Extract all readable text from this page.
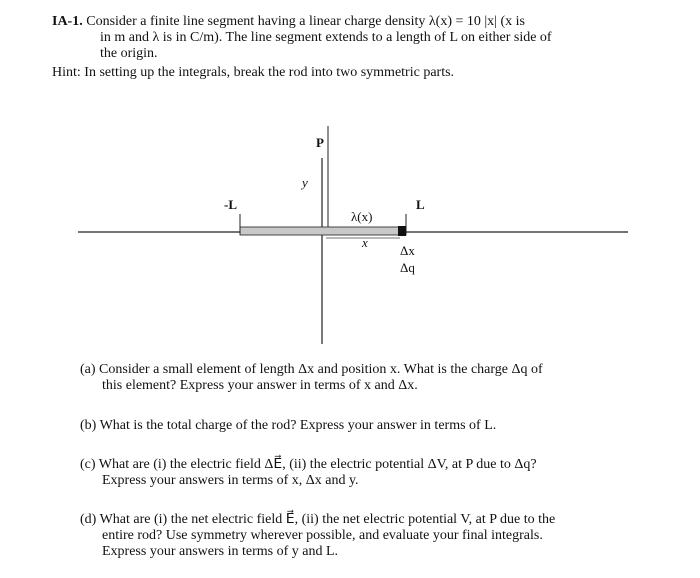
IA-1. Consider a finite line segment having a linear charge density λ(x) = 10 |x| (x is
in m and λ is in C/m). The line segment extends to a length of L on either side of
the origin.
Hint: In setting up the integrals, break the rod into two symmetric parts.
P
y
-L	L
λ(x)
x
Δx
Δq
(a) Consider a small element of length Δx and position x. What is the charge Δq of
this element? Express your answer in terms of x and Δx.
(b) What is the total charge of the rod? Express your answer in terms of L.
(c) What are (i) the electric field ΔE⃗, (ii) the electric potential ΔV, at P due to Δq?
Express your answers in terms of x, Δx and y.
(d) What are (i) the net electric field E⃗, (ii) the net electric potential V, at P due to the
entire rod? Use symmetry wherever possible, and evaluate your final integrals.
Express your answers in terms of y and L.
